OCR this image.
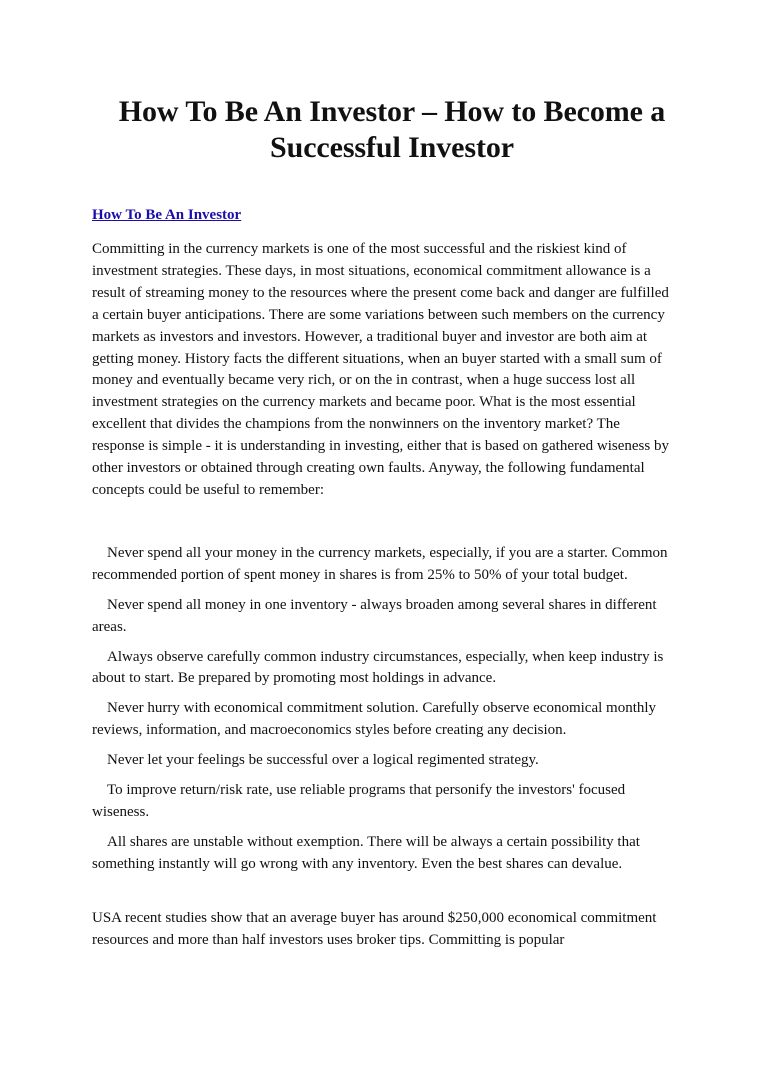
How To Be An Investor – How to Become a Successful Investor
How To Be An Investor

Committing in the currency markets is one of the most successful and the riskiest kind of investment strategies. These days, in most situations, economical commitment allowance is a result of streaming money to the resources where the present come back and danger are fulfilled a certain buyer anticipations. There are some variations between such members on the currency markets as investors and investors. However, a traditional buyer and investor are both aim at getting money. History facts the different situations, when an buyer started with a small sum of money and eventually became very rich, or on the in contrast, when a huge success lost all investment strategies on the currency markets and became poor. What is the most essential excellent that divides the champions from the nonwinners on the inventory market? The response is simple - it is understanding in investing, either that is based on gathered wiseness by other investors or obtained through creating own faults. Anyway, the following fundamental concepts could be useful to remember:

Never spend all your money in the currency markets, especially, if you are a starter. Common recommended portion of spent money in shares is from 25% to 50% of your total budget.
Never spend all money in one inventory - always broaden among several shares in different areas.
Always observe carefully common industry circumstances, especially, when keep industry is about to start. Be prepared by promoting most holdings in advance.
Never hurry with economical commitment solution. Carefully observe economical monthly reviews, information, and macroeconomics styles before creating any decision.
Never let your feelings be successful over a logical regimented strategy.
To improve return/risk rate, use reliable programs that personify the investors' focused wiseness.
All shares are unstable without exemption. There will be always a certain possibility that something instantly will go wrong with any inventory. Even the best shares can devalue.

USA recent studies show that an average buyer has around $250,000 economical commitment resources and more than half investors uses broker tips. Committing is popular
